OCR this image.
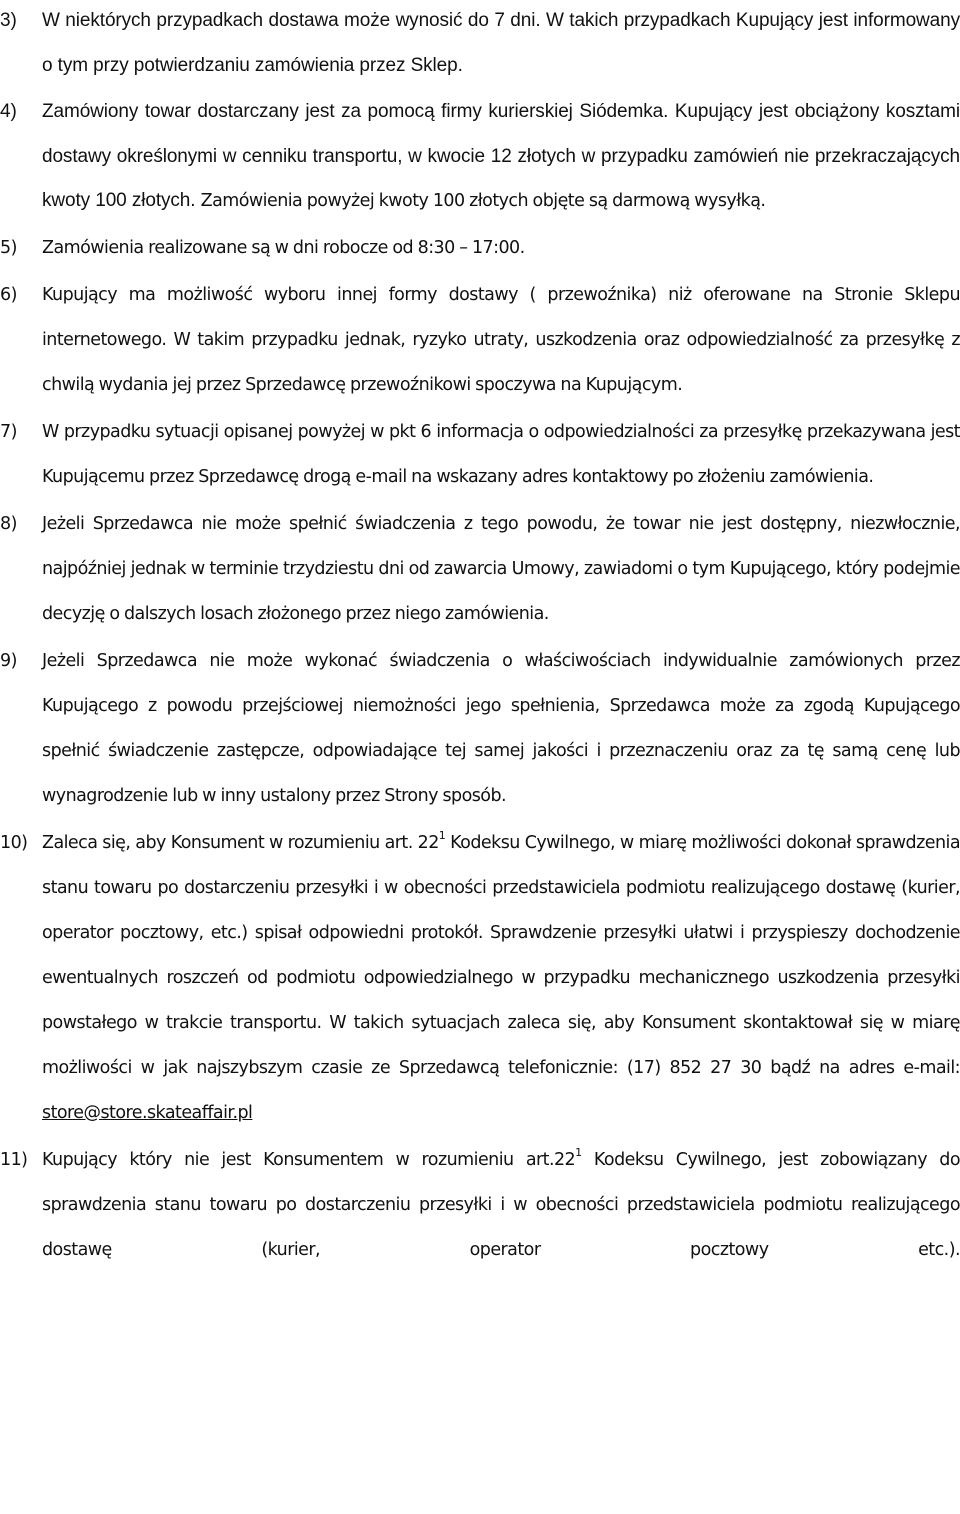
3)	W niektórych przypadkach dostawa może wynosić do 7 dni. W takich przypadkach Kupujący jest informowany o tym przy potwierdzaniu zamówienia przez Sklep.
4)	Zamówiony towar dostarczany jest za pomocą firmy kurierskiej Siódemka. Kupujący jest obciążony kosztami dostawy określonymi w cenniku transportu, w kwocie 12 złotych w przypadku zamówień nie przekraczających kwoty 100 złotych. Zamówienia powyżej kwoty 100 złotych objęte są darmową wysyłką.
5)	Zamówienia realizowane są w dni robocze od 8:30 – 17:00.
6)	Kupujący ma możliwość wyboru innej formy dostawy ( przewoźnika) niż oferowane na Stronie Sklepu internetowego. W takim przypadku jednak, ryzyko utraty, uszkodzenia oraz odpowiedzialność za przesyłkę z chwilą wydania jej przez Sprzedawcę przewoźnikowi spoczywa na Kupującym.
7)	W przypadku sytuacji opisanej powyżej w pkt 6 informacja o odpowiedzialności za przesyłkę przekazywana jest Kupującemu przez Sprzedawcę drogą e-mail na wskazany adres kontaktowy po złożeniu zamówienia.
8)	Jeżeli Sprzedawca nie może spełnić świadczenia z tego powodu, że towar nie jest dostępny, niezwłocznie, najpóźniej jednak w terminie trzydziestu dni od zawarcia Umowy, zawiadomi o tym Kupującego, który podejmie decyzję o dalszych losach złożonego przez niego zamówienia.
9)	Jeżeli Sprzedawca nie może wykonać świadczenia o właściwościach indywidualnie zamówionych przez Kupującego z powodu przejściowej niemożności jego spełnienia, Sprzedawca może za zgodą Kupującego spełnić świadczenie zastępcze, odpowiadające tej samej jakości i przeznaczeniu oraz za tę samą cenę lub wynagrodzenie lub w inny ustalony przez Strony sposób.
10) Zaleca się, aby Konsument w rozumieniu art. $22^1$ Kodeksu Cywilnego, w miarę możliwości dokonał sprawdzenia stanu towaru po dostarczeniu przesyłki i w obecności przedstawiciela podmiotu realizującego dostawę (kurier, operator pocztowy, etc.) spisał odpowiedni protokół. Sprawdzenie przesyłki ułatwi i przyspieszy dochodzenie ewentualnych roszczeń od podmiotu odpowiedzialnego w przypadku mechanicznego uszkodzenia przesyłki powstałego w trakcie transportu. W takich sytuacjach zaleca się, aby Konsument skontaktował się w miarę możliwości w jak najszybszym czasie ze Sprzedawcą telefonicznie: (17) 852 27 30 bądź na adres e-mail: store@store.skateaffair.pl
11) Kupujący który nie jest Konsumentem w rozumieniu $art.22^1$ Kodeksu Cywilnego, jest zobowiązany do sprawdzenia stanu towaru po dostarczeniu przesyłki i w obecności przedstawiciela podmiotu realizującego dostawę (kurier, operator pocztowy etc.).
